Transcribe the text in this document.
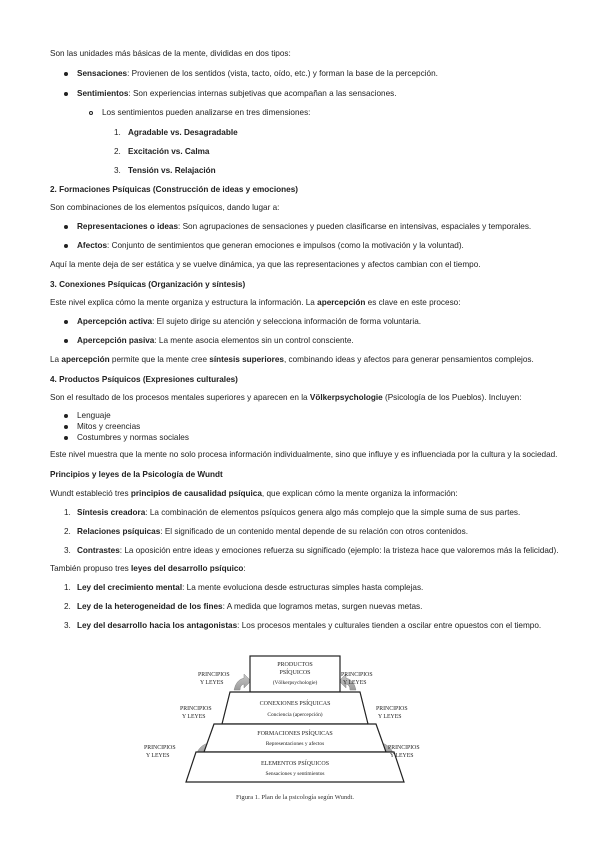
Son las unidades más básicas de la mente, divididas en dos tipos:
Sensaciones: Provienen de los sentidos (vista, tacto, oído, etc.) y forman la base de la percepción.
Sentimientos: Son experiencias internas subjetivas que acompañan a las sensaciones.
Los sentimientos pueden analizarse en tres dimensiones:
1. Agradable vs. Desagradable
2. Excitación vs. Calma
3. Tensión vs. Relajación
2. Formaciones Psíquicas (Construcción de ideas y emociones)
Son combinaciones de los elementos psíquicos, dando lugar a:
Representaciones o ideas: Son agrupaciones de sensaciones y pueden clasificarse en intensivas, espaciales y temporales.
Afectos: Conjunto de sentimientos que generan emociones e impulsos (como la motivación y la voluntad).
Aquí la mente deja de ser estática y se vuelve dinámica, ya que las representaciones y afectos cambian con el tiempo.
3. Conexiones Psíquicas (Organización y síntesis)
Este nivel explica cómo la mente organiza y estructura la información. La apercepción es clave en este proceso:
Apercepción activa: El sujeto dirige su atención y selecciona información de forma voluntaria.
Apercepción pasiva: La mente asocia elementos sin un control consciente.
La apercepción permite que la mente cree síntesis superiores, combinando ideas y afectos para generar pensamientos complejos.
4. Productos Psíquicos (Expresiones culturales)
Son el resultado de los procesos mentales superiores y aparecen en la Völkerpsychologie (Psicología de los Pueblos). Incluyen:
Lenguaje
Mitos y creencias
Costumbres y normas sociales
Este nivel muestra que la mente no solo procesa información individualmente, sino que influye y es influenciada por la cultura y la sociedad.
Principios y leyes de la Psicología de Wundt
Wundt estableció tres principios de causalidad psíquica, que explican cómo la mente organiza la información:
1. Síntesis creadora: La combinación de elementos psíquicos genera algo más complejo que la simple suma de sus partes.
2. Relaciones psíquicas: El significado de un contenido mental depende de su relación con otros contenidos.
3. Contrastes: La oposición entre ideas y emociones refuerza su significado (ejemplo: la tristeza hace que valoremos más la felicidad).
También propuso tres leyes del desarrollo psíquico:
1. Ley del crecimiento mental: La mente evoluciona desde estructuras simples hasta complejas.
2. Ley de la heterogeneidad de los fines: A medida que logramos metas, surgen nuevas metas.
3. Ley del desarrollo hacia los antagonistas: Los procesos mentales y culturales tienden a oscilar entre opuestos con el tiempo.
PRODUCTOS
PSÍQUICOS
(Völkerpsychologie)
CONEXIONES PSÍQUICAS
Conciencia (apercepción)
FORMACIONES PSÍQUICAS
Representaciones y afectos
ELEMENTOS PSÍQUICOS
Sensaciones y sentimientos
PRINCIPIOS
Y LEYES
PRINCIPIOS
Y LEYES
PRINCIPIOS
Y LEYES
PRINCIPIOS
Y LEYES
PRINCIPIOS
Y LEYES
PRINCIPIOS
Y LEYES
Figura 1. Plan de la psicología según Wundt.
